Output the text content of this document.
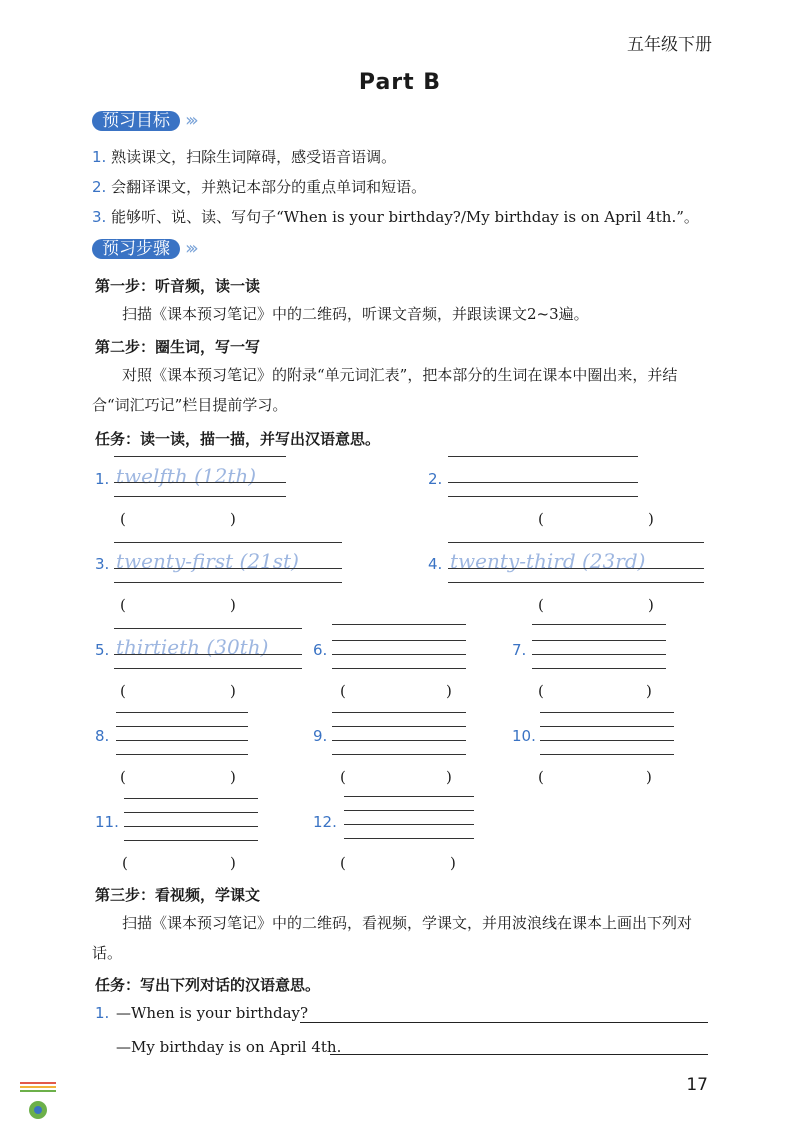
五年级下册
Part B
预习目标 ›››
1. 熟读课文，扫除生词障碍，感受语音语调。
2. 会翻译课文，并熟记本部分的重点单词和短语。
3. 能够听、说、读、写句子“When is your birthday?/My birthday is on April 4th.”。
预习步骤 ›››
第一步：听音频，读一读
扫描《课本预习笔记》中的二维码，听课文音频，并跟读课文2~3遍。
第二步：圈生词，写一写
对照《课本预习笔记》的附录“单元词汇表”，把本部分的生词在课本中圈出来，并结合“词汇巧记”栏目提前学习。
任务：读一读，描一描，并写出汉语意思。
1. twelfth (12th)
(	)
2.
(	)
3. twenty-first (21st)
(	)
4. twenty-third (23rd)
(	)
5. thirtieth (30th)
(	)
6.
(	)
7.
(	)
8.
(	)
9.
(	)
10.
(	)
11.
(	)
12.
(	)
第三步：看视频，学课文
扫描《课本预习笔记》中的二维码，看视频，学课文，并用波浪线在课本上画出下列对话。
任务：写出下列对话的汉语意思。
1. —When is your birthday?
—My birthday is on April 4th.
17
